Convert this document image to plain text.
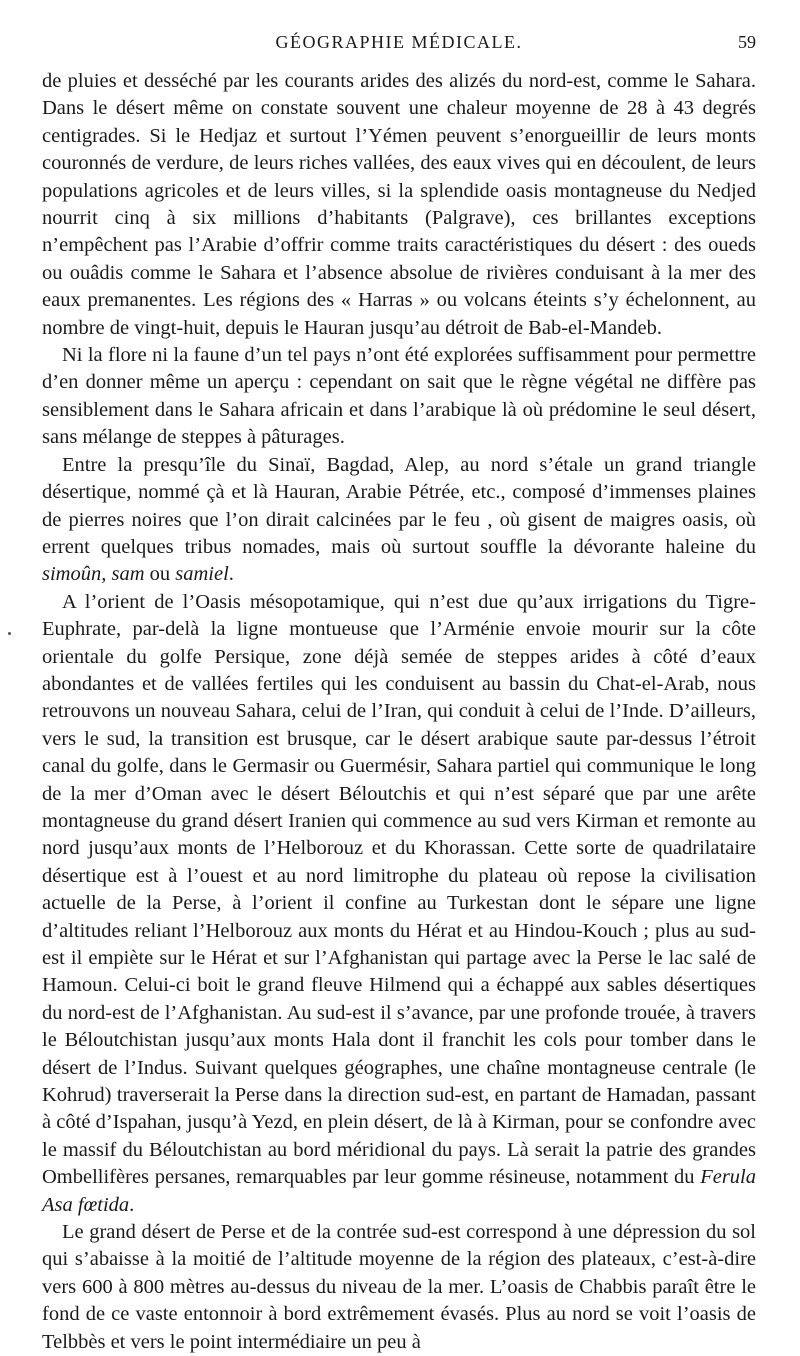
GÉOGRAPHIE MÉDICALE.	59

de pluies et desséché par les courants arides des alizés du nord-est, comme le Sahara. Dans le désert même on constate souvent une chaleur moyenne de 28 à 43 degrés centigrades. Si le Hedjaz et surtout l’Yémen peuvent s’enorgueillir de leurs monts couronnés de verdure, de leurs riches vallées, des eaux vives qui en découlent, de leurs populations agricoles et de leurs villes, si la splendide oasis montagneuse du Nedjed nourrit cinq à six millions d’habitants (Palgrave), ces brillantes exceptions n’empêchent pas l’Arabie d’offrir comme traits caractéristiques du désert : des oueds ou ouâdis comme le Sahara et l’absence absolue de rivières conduisant à la mer des eaux premanentes. Les régions des « Harras » ou volcans éteints s’y échelonnent, au nombre de vingt-huit, depuis le Hauran jusqu’au détroit de Bab-el-Mandeb.

Ni la flore ni la faune d’un tel pays n’ont été explorées suffisamment pour permettre d’en donner même un aperçu : cependant on sait que le règne végétal ne diffère pas sensiblement dans le Sahara africain et dans l’arabique là où prédomine le seul désert, sans mélange de steppes à pâturages.

Entre la presqu’île du Sinaï, Bagdad, Alep, au nord s’étale un grand triangle désertique, nommé çà et là Hauran, Arabie Pétrée, etc., composé d’immenses plaines de pierres noires que l’on dirait calcinées par le feu , où gisent de maigres oasis, où errent quelques tribus nomades, mais où surtout souffle la dévorante haleine du simoûn, sam ou samiel.

A l’orient de l’Oasis mésopotamique, qui n’est due qu’aux irrigations du Tigre-Euphrate, par-delà la ligne montueuse que l’Arménie envoie mourir sur la côte orientale du golfe Persique, zone déjà semée de steppes arides à côté d’eaux abondantes et de vallées fertiles qui les conduisent au bassin du Chat-el-Arab, nous retrouvons un nouveau Sahara, celui de l’Iran, qui conduit à celui de l’Inde. D’ailleurs, vers le sud, la transition est brusque, car le désert arabique saute par-dessus l’étroit canal du golfe, dans le Germasir ou Guermésir, Sahara partiel qui communique le long de la mer d’Oman avec le désert Béloutchis et qui n’est séparé que par une arête montagneuse du grand désert Iranien qui commence au sud vers Kirman et remonte au nord jusqu’aux monts de l’Helborouz et du Khorassan. Cette sorte de quadrilataire désertique est à l’ouest et au nord limitrophe du plateau où repose la civilisation actuelle de la Perse, à l’orient il confine au Turkestan dont le sépare une ligne d’altitudes reliant l’Helborouz aux monts du Hérat et au Hindou-Kouch ; plus au sud-est il empiète sur le Hérat et sur l’Afghanistan qui partage avec la Perse le lac salé de Hamoun. Celui-ci boit le grand fleuve Hilmend qui a échappé aux sables désertiques du nord-est de l’Afghanistan. Au sud-est il s’avance, par une profonde trouée, à travers le Béloutchistan jusqu’aux monts Hala dont il franchit les cols pour tomber dans le désert de l’Indus. Suivant quelques géographes, une chaîne montagneuse centrale (le Kohrud) traverserait la Perse dans la direction sud-est, en partant de Hamadan, passant à côté d’Ispahan, jusqu’à Yezd, en plein désert, de là à Kirman, pour se confondre avec le massif du Béloutchistan au bord méridional du pays. Là serait la patrie des grandes Ombellifères persanes, remarquables par leur gomme résineuse, notamment du Ferula Asa fœtida.

Le grand désert de Perse et de la contrée sud-est correspond à une dépression du sol qui s’abaisse à la moitié de l’altitude moyenne de la région des plateaux, c’est-à-dire vers 600 à 800 mètres au-dessus du niveau de la mer. L’oasis de Chabbis paraît être le fond de ce vaste entonnoir à bord extrêmement évasés. Plus au nord se voit l’oasis de Telbbès et vers le point intermédiaire un peu à
